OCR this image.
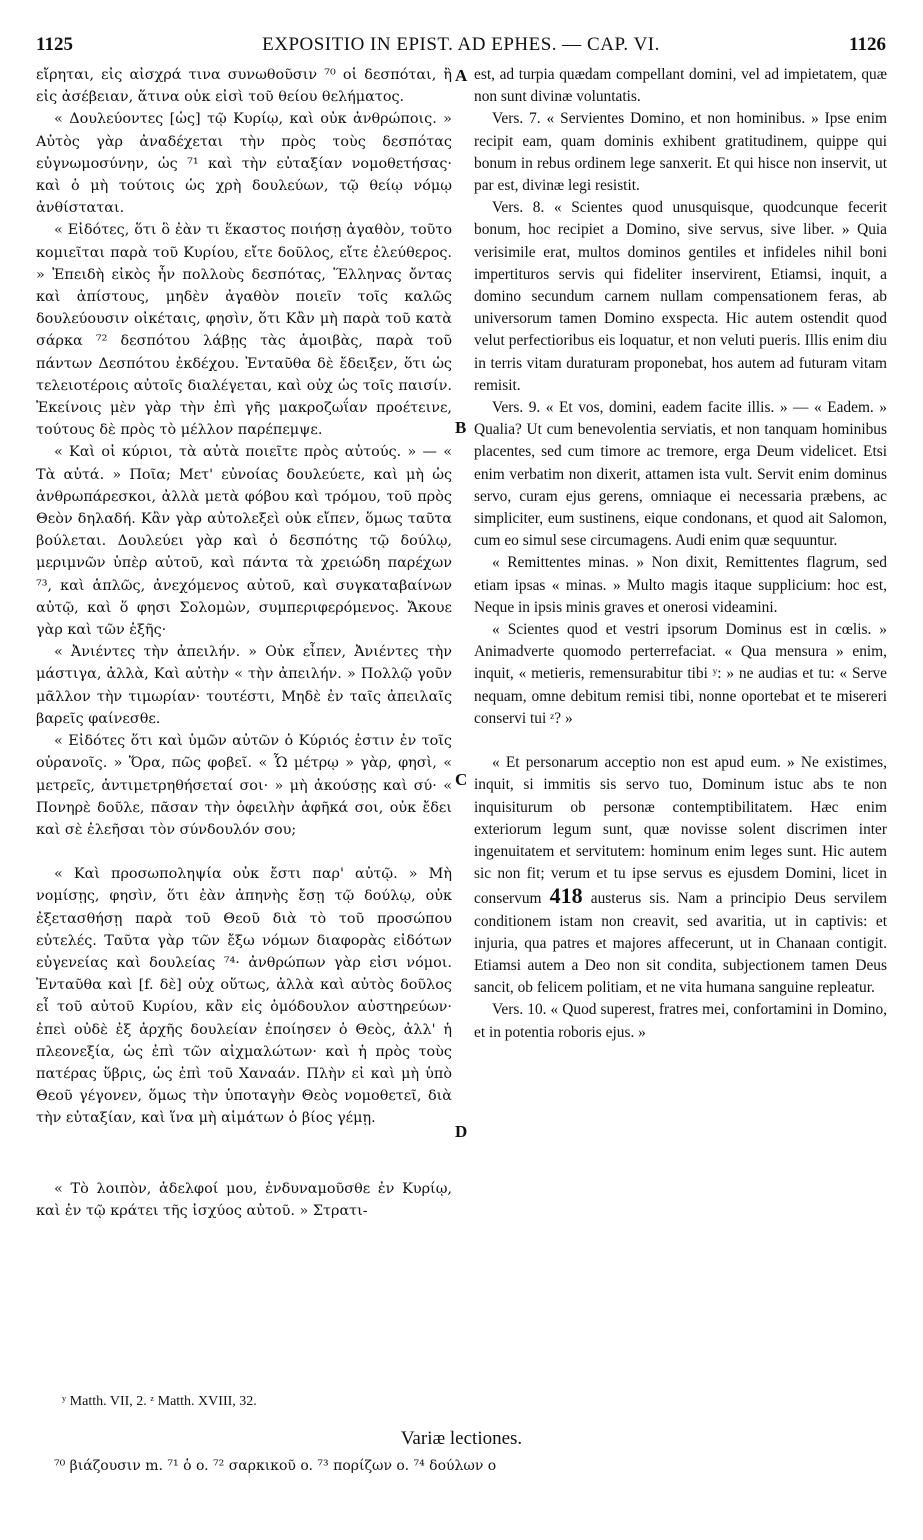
1125	EXPOSITIO IN EPIST. AD EPHES. — CAP. VI.	1126
A
B
C
D

εἴρηται, εἰς αἰσχρά τινα συνωθοῦσιν ⁷⁰ οἱ δεσπόται, ἢ εἰς ἀσέβειαν, ἅτινα οὐκ εἰσὶ τοῦ θείου θελήματος.

« Δουλεύοντες [ὡς] τῷ Κυρίῳ, καὶ οὐκ ἀνθρώποις. » Αὐτὸς γὰρ ἀναδέχεται τὴν πρὸς τοὺς δεσπότας εὐγνωμοσύνην, ὡς ⁷¹ καὶ τὴν εὐταξίαν νομοθετήσας· καὶ ὁ μὴ τούτοις ὡς χρὴ δουλεύων, τῷ θείῳ νόμῳ ἀνθίσταται.

« Εἰδότες, ὅτι ὃ ἐὰν τι ἕκαστος ποιήσῃ ἀγαθὸν, τοῦτο κομιεῖται παρὰ τοῦ Κυρίου, εἴτε δοῦλος, εἴτε ἐλεύθερος. » Ἐπειδὴ εἰκὸς ἦν πολλοὺς δεσπότας, Ἕλληνας ὄντας καὶ ἀπίστους, μηδὲν ἀγαθὸν ποιεῖν τοῖς καλῶς δουλεύουσιν οἰκέταις, φησὶν, ὅτι Κἂν μὴ παρὰ τοῦ κατὰ σάρκα ⁷² δεσπότου λάβῃς τὰς ἀμοιβὰς, παρὰ τοῦ πάντων Δεσπότου ἐκδέχου. Ἐνταῦθα δὲ ἔδειξεν, ὅτι ὡς τελειοτέροις αὐτοῖς διαλέγεται, καὶ οὐχ ὡς τοῖς παισίν. Ἐκείνοις μὲν γὰρ τὴν ἐπὶ γῆς μακροζωΐαν προέτεινε, τούτους δὲ πρὸς τὸ μέλλον παρέπεμψε.

« Καὶ οἱ κύριοι, τὰ αὐτὰ ποιεῖτε πρὸς αὐτούς. » — « Τὰ αὐτά. » Ποῖα; Μετ' εὐνοίας δουλεύετε, καὶ μὴ ὡς ἀνθρωπάρεσκοι, ἀλλὰ μετὰ φόβου καὶ τρόμου, τοῦ πρὸς Θεὸν δηλαδή. Κἂν γὰρ αὐτολεξεὶ οὐκ εἴπεν, ὅμως ταῦτα βούλεται. Δουλεύει γὰρ καὶ ὁ δεσπότης τῷ δούλῳ, μεριμνῶν ὑπὲρ αὐτοῦ, καὶ πάντα τὰ χρειώδη παρέχων ⁷³, καὶ ἁπλῶς, ἀνεχόμενος αὐτοῦ, καὶ συγκαταβαίνων αὐτῷ, καὶ ὅ φησι Σολομὼν, συμπεριφερόμενος. Ἄκουε γὰρ καὶ τῶν ἑξῆς·

« Ἀνιέντες τὴν ἀπειλήν. » Οὐκ εἶπεν, Ἀνιέντες τὴν μάστιγα, ἀλλὰ, Καὶ αὐτὴν « τὴν ἀπειλήν. » Πολλῷ γοῦν μᾶλλον τὴν τιμωρίαν· τουτέστι, Μηδὲ ἐν ταῖς ἀπειλαῖς βαρεῖς φαίνεσθε.

« Εἰδότες ὅτι καὶ ὑμῶν αὐτῶν ὁ Κύριός ἐστιν ἐν τοῖς οὐρανοῖς. » Ὅρα, πῶς φοβεῖ. « Ὧ μέτρῳ » γὰρ, φησὶ, « μετρεῖς, ἀντιμετρηθήσεταί σοι· » μὴ ἀκούσῃς καὶ σύ· « Πονηρὲ δοῦλε, πᾶσαν τὴν ὀφειλὴν ἀφῆκά σοι, οὐκ ἔδει καὶ σὲ ἐλεῆσαι τὸν σύνδουλόν σου;

« Καὶ προσωποληψία οὐκ ἔστι παρ' αὐτῷ. » Μὴ νομίσῃς, φησὶν, ὅτι ἐὰν ἀπηνὴς ἔσῃ τῷ δούλῳ, οὐκ ἐξετασθήσῃ παρὰ τοῦ Θεοῦ διὰ τὸ τοῦ προσώπου εὐτελές. Ταῦτα γὰρ τῶν ἔξω νόμων διαφορὰς εἰδότων εὐγενείας καὶ δουλείας ⁷⁴· ἀνθρώπων γὰρ εἰσι νόμοι. Ἐνταῦθα καὶ [f. δὲ] οὐχ οὕτως, ἀλλὰ καὶ αὐτὸς δοῦλος εἶ τοῦ αὐτοῦ Κυρίου, κἂν εἰς ὁμόδουλον αὐστηρεύων· ἐπεὶ οὐδὲ ἐξ ἀρχῆς δουλείαν ἐποίησεν ὁ Θεὸς, ἀλλ' ἡ πλεονεξία, ὡς ἐπὶ τῶν αἰχμαλώτων· καὶ ἡ πρὸς τοὺς πατέρας ὕβρις, ὡς ἐπὶ τοῦ Χαναάν. Πλὴν εἰ καὶ μὴ ὑπὸ Θεοῦ γέγονεν, ὅμως τὴν ὑποταγὴν Θεὸς νομοθετεῖ, διὰ τὴν εὐταξίαν, καὶ ἵνα μὴ αἱμάτων ὁ βίος γέμῃ.

« Τὸ λοιπὸν, ἀδελφοί μου, ἐνδυναμοῦσθε ἐν Κυρίῳ, καὶ ἐν τῷ κράτει τῆς ἰσχύος αὐτοῦ. » Στρατι-

est, ad turpia quædam compellant domini, vel ad impietatem, quæ non sunt divinæ voluntatis.

Vers. 7. « Servientes Domino, et non hominibus. » Ipse enim recipit eam, quam dominis exhibent gratitudinem, quippe qui bonum in rebus ordinem lege sanxerit. Et qui hisce non inservit, ut par est, divinæ legi resistit.

Vers. 8. « Scientes quod unusquisque, quodcunque fecerit bonum, hoc recipiet a Domino, sive servus, sive liber. » Quia verisimile erat, multos dominos gentiles et infideles nihil boni impertituros servis qui fideliter inservirent, Etiamsi, inquit, a domino secundum carnem nullam compensationem feras, ab universorum tamen Domino exspecta. Hic autem ostendit quod velut perfectioribus eis loquatur, et non veluti pueris. Illis enim diu in terris vitam duraturam proponebat, hos autem ad futuram vitam remisit.

Vers. 9. « Et vos, domini, eadem facite illis. » — « Eadem. » Qualia? Ut cum benevolentia serviatis, et non tanquam hominibus placentes, sed cum timore ac tremore, erga Deum videlicet. Etsi enim verbatim non dixerit, attamen ista vult. Servit enim dominus servo, curam ejus gerens, omniaque ei necessaria præbens, ac simpliciter, eum sustinens, eique condonans, et quod ait Salomon, cum eo simul sese circumagens. Audi enim quæ sequuntur.

« Remittentes minas. » Non dixit, Remittentes flagrum, sed etiam ipsas « minas. » Multo magis itaque supplicium: hoc est, Neque in ipsis minis graves et onerosi videamini.

« Scientes quod et vestri ipsorum Dominus est in cœlis. » Animadverte quomodo perterrefaciat. « Qua mensura » enim, inquit, « metieris, remensurabitur tibi ʸ: » ne audias et tu: « Serve nequam, omne debitum remisi tibi, nonne oportebat et te misereri conservi tui ᶻ? »

« Et personarum acceptio non est apud eum. » Ne existimes, inquit, si immitis sis servo tuo, Dominum istuc abs te non inquisiturum ob personæ contemptibilitatem. Hæc enim exteriorum legum sunt, quæ novisse solent discrimen inter ingenuitatem et servitutem: hominum enim leges sunt. Hic autem sic non fit; verum et tu ipse servus es ejusdem Domini, licet in conservum 418 austerus sis. Nam a principio Deus servilem conditionem istam non creavit, sed avaritia, ut in captivis: et injuria, qua patres et majores affecerunt, ut in Chanaan contigit. Etiamsi autem a Deo non sit condita, subjectionem tamen Deus sancit, ob felicem politiam, et ne vita humana sanguine repleatur.

Vers. 10. « Quod superest, fratres mei, confortamini in Domino, et in potentia roboris ejus. »

ʸ Matth. VII, 2. ᶻ Matth. XVIII, 32.
Variæ lectiones.
⁷⁰ βιάζουσιν m. ⁷¹ ὁ o. ⁷² σαρκικοῦ o. ⁷³ πορίζων o. ⁷⁴ δούλων o
